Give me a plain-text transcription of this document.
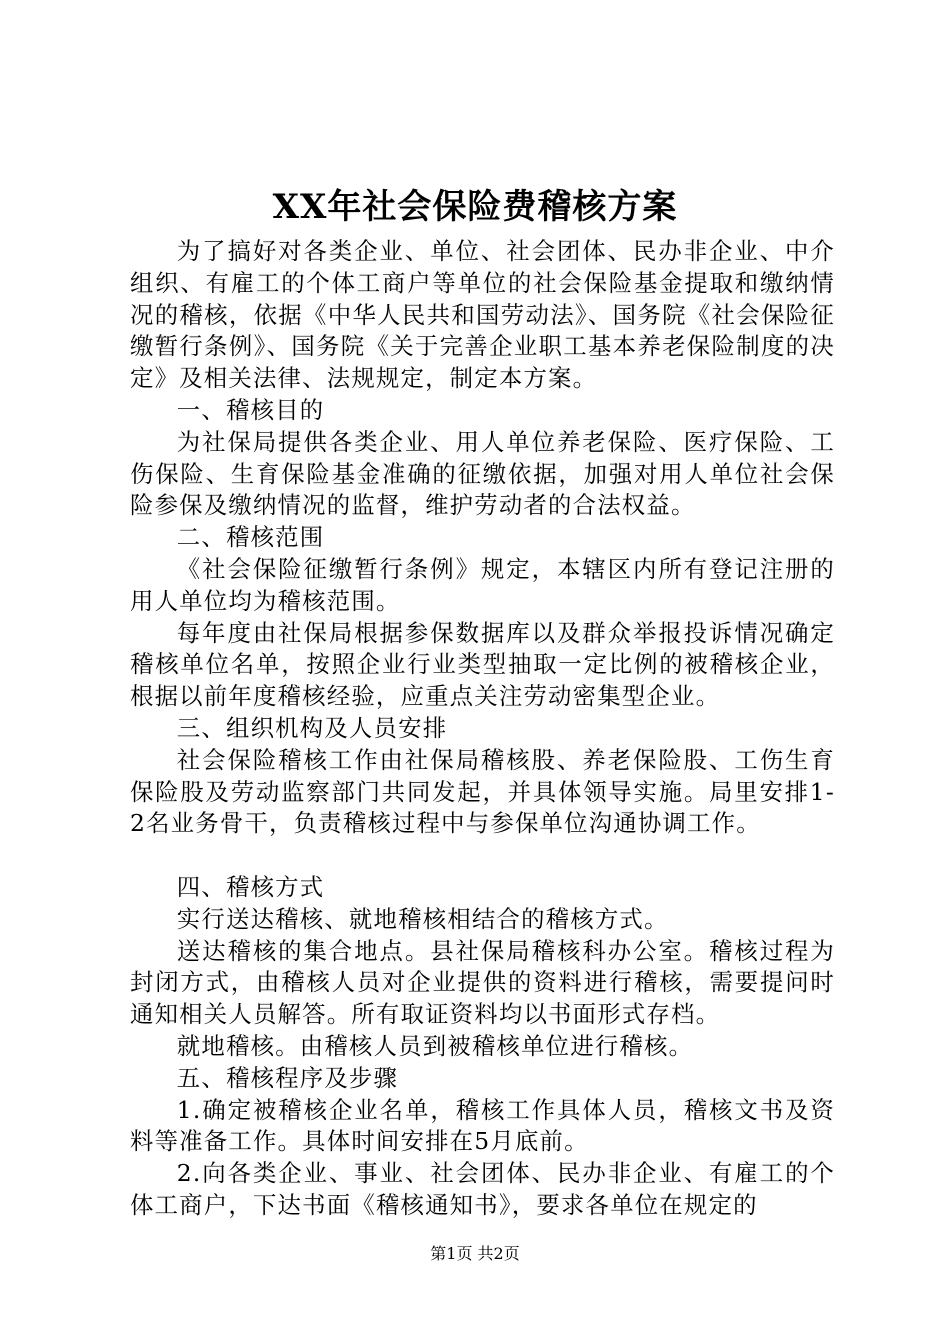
XX年社会保险费稽核方案

为了搞好对各类企业、单位、社会团体、民办非企业、中介组织、有雇工的个体工商户等单位的社会保险基金提取和缴纳情况的稽核，依据《中华人民共和国劳动法》、国务院《社会保险征缴暂行条例》、国务院《关于完善企业职工基本养老保险制度的决定》及相关法律、法规规定，制定本方案。

一、稽核目的

为社保局提供各类企业、用人单位养老保险、医疗保险、工伤保险、生育保险基金准确的征缴依据，加强对用人单位社会保险参保及缴纳情况的监督，维护劳动者的合法权益。

二、稽核范围

《社会保险征缴暂行条例》规定，本辖区内所有登记注册的用人单位均为稽核范围。

每年度由社保局根据参保数据库以及群众举报投诉情况确定稽核单位名单，按照企业行业类型抽取一定比例的被稽核企业，根据以前年度稽核经验，应重点关注劳动密集型企业。

三、组织机构及人员安排

社会保险稽核工作由社保局稽核股、养老保险股、工伤生育保险股及劳动监察部门共同发起，并具体领导实施。局里安排1-2名业务骨干，负责稽核过程中与参保单位沟通协调工作。

四、稽核方式

实行送达稽核、就地稽核相结合的稽核方式。

送达稽核的集合地点。县社保局稽核科办公室。稽核过程为封闭方式，由稽核人员对企业提供的资料进行稽核，需要提问时通知相关人员解答。所有取证资料均以书面形式存档。

就地稽核。由稽核人员到被稽核单位进行稽核。

五、稽核程序及步骤

1.确定被稽核企业名单，稽核工作具体人员，稽核文书及资料等准备工作。具体时间安排在5月底前。

2.向各类企业、事业、社会团体、民办非企业、有雇工的个体工商户，下达书面《稽核通知书》，要求各单位在规定的

第1页 共2页
